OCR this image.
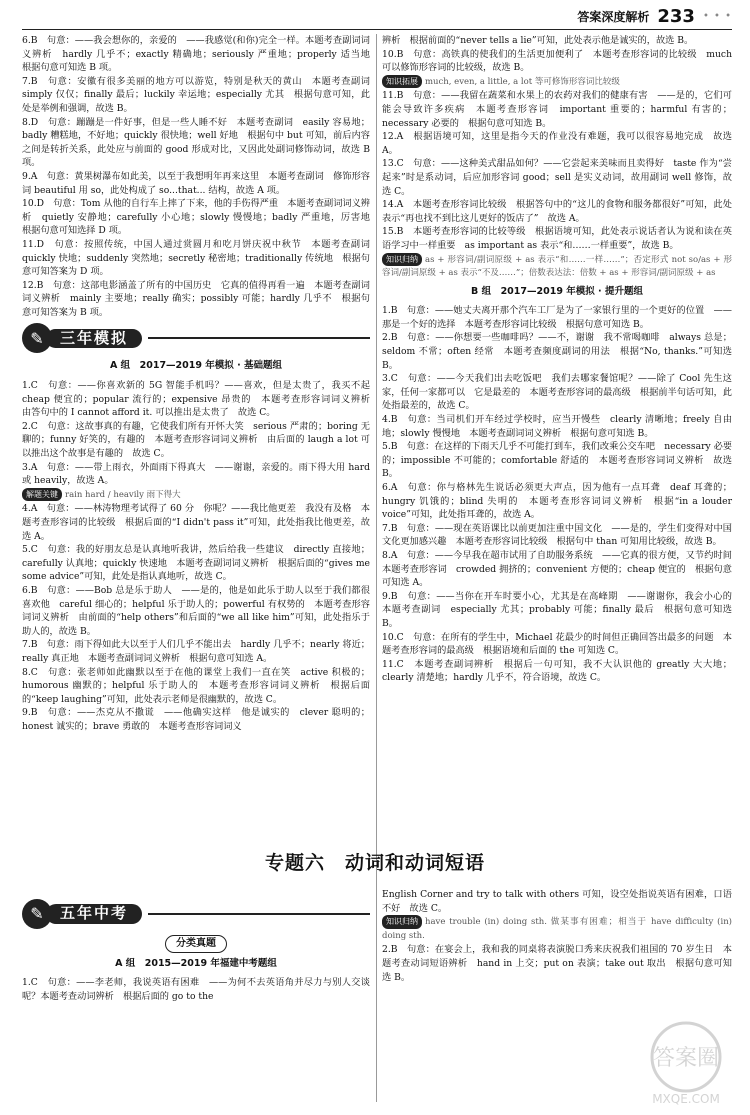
答案深度解析 233 • • •

6.B　句意：——我会想你的，亲爱的　——我感觉(和你)完全一样。本题考查副词词义辨析　hardly 几乎不；exactly 精确地；seriously 严重地；properly 适当地　根据句意可知选 B 项。

7.B　句意：安徽有很多美丽的地方可以游览，特别是秋天的黄山　本题考查副词　simply 仅仅；finally 最后；luckily 幸运地；especially 尤其　根据句意可知，此处是举例和强调，故选 B。

8.D　句意：蹦蹦是一件好事，但是一些人睡不好　本题考查副词　easily 容易地；badly 糟糕地，不好地；quickly 很快地；well 好地　根据句中 but 可知，前后内容之间是转折关系，此处应与前面的 good 形成对比，又因此处副词修饰动词，故选 B 项。

9.A　句意：黄果树瀑布如此美，以至于我想明年再来这里　本题考查副词　修饰形容词 beautiful 用 so，此处构成了 so...that... 结构，故选 A 项。

10.D　句意：Tom 从他的自行车上摔了下来，他的手伤得严重　本题考查副词词义辨析　quietly 安静地；carefully 小心地；slowly 慢慢地；badly 严重地，厉害地　根据句意可知选择 D 项。

11.D　句意：按照传统，中国人通过赏圆月和吃月饼庆祝中秋节　本题考查副词　quickly 快地；suddenly 突然地；secretly 秘密地；traditionally 传统地　根据句意可知答案为 D 项。

12.B　句意：这部电影涵盖了所有的中国历史　它真的值得再看一遍　本题考查副词词义辨析　mainly 主要地；really 确实；possibly 可能；hardly 几乎不　根据句意可知答案为 B 项。

✎	三年模拟
A 组　2017—2019 年模拟 · 基础题组

1.C　句意：——你喜欢新的 5G 智能手机吗？——喜欢，但是太贵了，我买不起　cheap 便宜的；popular 流行的；expensive 昂贵的　本题考查形容词词义辨析　由答句中的 I cannot afford it. 可以推出是太贵了　故选 C。

2.C　句意：这故事真的有趣，它使我们所有开怀大笑　serious 严肃的；boring 无聊的；funny 好笑的，有趣的　本题考查形容词词义辨析　由后面的 laugh a lot 可以推出这个故事是有趣的　故选 C。

3.A　句意：——带上雨衣，外面雨下得真大　——谢谢，亲爱的。雨下得大用 hard 或 heavily，故选 A。

解题关键 rain hard / heavily 雨下得大

4.A　句意：——林涛物理考试得了 60 分　你呢？——我比他更差　我没有及格　本题考查形容词的比较级　根据后面的“I didn't pass it”可知，此处指我比他更差，故选 A。

5.C　句意：我的好朋友总是认真地听我讲，然后给我一些建议　directly 直接地；carefully 认真地；quickly 快速地　本题考查副词词义辨析　根据后面的“gives me some advice”可知，此处是指认真地听，故选 C。

6.B　句意：——Bob 总是乐于助人　——是的，他是如此乐于助人以至于我们都很喜欢他　careful 细心的；helpful 乐于助人的；powerful 有权势的　本题考查形容词词义辨析　由前面的“help others”和后面的“we all like him”可知，此处指乐于助人的，故选 B。

7.B　句意：雨下得如此大以至于人们几乎不能出去　hardly 几乎不；nearly 将近；really 真正地　本题考查副词词义辨析　根据句意可知选 A。

8.C　句意：张老师如此幽默以至于在他的课堂上我们一直在笑　active 积极的；humorous 幽默的；helpful 乐于助人的　本题考查形容词词义辨析　根据后面的“keep laughing”可知，此处表示老师是很幽默的，故选 C。

9.B　句意：——杰克从不撒谎　——他确实这样　他是诚实的　clever 聪明的；honest 诚实的；brave 勇敢的　本题考查形容词词义

辨析　根据前面的“never tells a lie”可知，此处表示他是诚实的，故选 B。

10.B　句意：高铁真的使我们的生活更加便利了　本题考查形容词的比较级　much 可以修饰形容词的比较级，故选 B。

知识拓展 much, even, a little, a lot 等可修饰形容词比较级

11.B　句意：——我留在蔬菜和水果上的农药对我们的健康有害　——是的，它们可能会导致许多疾病　本题考查形容词　important 重要的；harmful 有害的；necessary 必要的　根据句意可知选 B。

12.A　根据语境可知，这里是指今天的作业没有难题，我可以很容易地完成　故选 A。

13.C　句意：——这种美式甜品如何？——它尝起来美味而且卖得好　taste 作为“尝起来”时是系动词，后应加形容词 good；sell 是实义动词，故用副词 well 修饰，故选 C。

14.A　本题考查形容词比较级　根据答句中的“这儿的食物和服务都很好”可知，此处表示“再也找不到比这儿更好的饭店了”　故选 A。

15.B　本题考查形容词的比较等级　根据语境可知，此处表示说话者认为说和读在英语学习中一样重要　as important as 表示“和……一样重要”，故选 B。

知识归纳 as + 形容词/副词原级 + as 表示“和……一样……”；否定形式 not so/as + 形容词/副词原级 + as 表示“不及……”；倍数表达法：倍数 + as + 形容词/副词原级 + as

B 组　2017—2019 年模拟 · 提升题组

1.B　句意：——她丈夫离开那个汽车工厂是为了一家银行里的一个更好的位置　——那是一个好的选择　本题考查形容词比较级　根据句意可知选 B。

2.B　句意：——你想要一些咖啡吗？——不，谢谢　我不常喝咖啡　always 总是；seldom 不常；often 经常　本题考查频度副词的用法　根据“No, thanks.”可知选 B。

3.C　句意：——今天我们出去吃饭吧　我们去哪家餐馆呢？——除了 Cool 先生这家，任何一家都可以　它是最差的　本题考查形容词的最高级　根据前半句话可知，此处指最差的，故选 C。

4.B　句意：当司机们开车经过学校时，应当开慢些　clearly 清晰地；freely 自由地；slowly 慢慢地　本题考查副词词义辨析　根据句意可知选 B。

5.B　句意：在这样的下雨天几乎不可能打到车，我们改乘公交车吧　necessary 必要的；impossible 不可能的；comfortable 舒适的　本题考查形容词词义辨析　故选 B。

6.A　句意：你与格林先生说话必须更大声点，因为他有一点耳聋　deaf 耳聋的；hungry 饥饿的；blind 失明的　本题考查形容词词义辨析　根据“in a louder voice”可知，此处指耳聋的，故选 A。

7.B　句意：——现在英语课比以前更加注重中国文化　——是的，学生们变得对中国文化更加感兴趣　本题考查形容词比较级　根据句中 than 可知用比较级，故选 B。

8.A　句意：——今早我在超市试用了自助服务系统　——它真的很方便，又节约时间　本题考查形容词　crowded 拥挤的；convenient 方便的；cheap 便宜的　根据句意可知选 A。

9.B　句意：——当你在开车时要小心，尤其是在高峰期　——谢谢你，我会小心的　本题考查副词　especially 尤其；probably 可能；finally 最后　根据句意可知选 B。

10.C　句意：在所有的学生中，Michael 花最少的时间但正确回答出最多的问题　本题考查形容词的最高级　根据语境和后面的 the 可知选 C。

11.C　本题考查副词辨析　根据后一句可知，我不大认识他的 greatly 大大地；clearly 清楚地；hardly 几乎不，符合语境，故选 C。

专题六　动词和动词短语
✎	五年中考
分类真题
A 组　2015—2019 年福建中考题组

1.C　句意：——李老师，我说英语有困难　——为何不去英语角并尽力与别人交谈呢？本题考查动词辨析　根据后面的 go to the

English Corner and try to talk with others 可知，设空处指说英语有困难，口语不好　故选 C。

知识归纳 have trouble (in) doing sth. 做某事有困难；相当于 have difficulty (in) doing sth.

2.B　句意：在宴会上，我和我的同桌将表演脱口秀来庆祝我们祖国的 70 岁生日　本题考查动词短语辨析　hand in 上交；put on 表演；take out 取出　根据句意可知选 B。

答案圈
MXQE.COM
